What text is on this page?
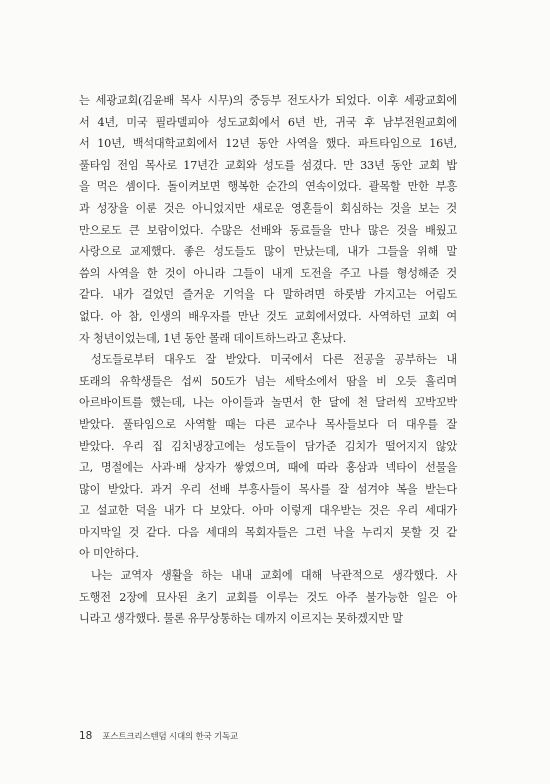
는 세광교회(김윤배 목사 시무)의 중등부 전도사가 되었다. 이후 세광교회에
서 4년, 미국 필라델피아 성도교회에서 6년 반, 귀국 후 남부전원교회에
서 10년, 백석대학교회에서 12년 동안 사역을 했다. 파트타임으로 16년,
풀타임 전임 목사로 17년간 교회와 성도를 섬겼다. 만 33년 동안 교회 밥
을 먹은 셈이다. 돌이켜보면 행복한 순간의 연속이었다. 괄목할 만한 부흥
과 성장을 이룬 것은 아니었지만 새로운 영혼들이 회심하는 것을 보는 것
만으로도 큰 보람이었다. 수많은 선배와 동료들을 만나 많은 것을 배웠고
사랑으로 교제했다. 좋은 성도들도 많이 만났는데, 내가 그들을 위해 말
씀의 사역을 한 것이 아니라 그들이 내게 도전을 주고 나를 형성해준 것
같다. 내가 걸었던 즐거운 기억을 다 말하려면 하룻밤 가지고는 어림도
없다. 아 참, 인생의 배우자를 만난 것도 교회에서였다. 사역하던 교회 여
자 청년이었는데, 1년 동안 몰래 데이트하느라고 혼났다.
성도들로부터 대우도 잘 받았다. 미국에서 다른 전공을 공부하는 내
또래의 유학생들은 섭씨 50도가 넘는 세탁소에서 땀을 비 오듯 흘리며
아르바이트를 했는데, 나는 아이들과 놀면서 한 달에 천 달러씩 꼬박꼬박
받았다. 풀타임으로 사역할 때는 다른 교수나 목사들보다 더 대우를 잘
받았다. 우리 집 김치냉장고에는 성도들이 담가준 김치가 떨어지지 않았
고, 명절에는 사과·배 상자가 쌓였으며, 때에 따라 홍삼과 넥타이 선물을
많이 받았다. 과거 우리 선배 부흥사들이 목사를 잘 섬겨야 복을 받는다
고 설교한 덕을 내가 다 보았다. 아마 이렇게 대우받는 것은 우리 세대가
마지막일 것 같다. 다음 세대의 목회자들은 그런 낙을 누리지 못할 것 같
아 미안하다.
나는 교역자 생활을 하는 내내 교회에 대해 낙관적으로 생각했다. 사
도행전 2장에 묘사된 초기 교회를 이루는 것도 아주 불가능한 일은 아
니라고 생각했다. 물론 유무상통하는 데까지 이르지는 못하겠지만 말
18 포스트크리스텐덤 시대의 한국 기독교
